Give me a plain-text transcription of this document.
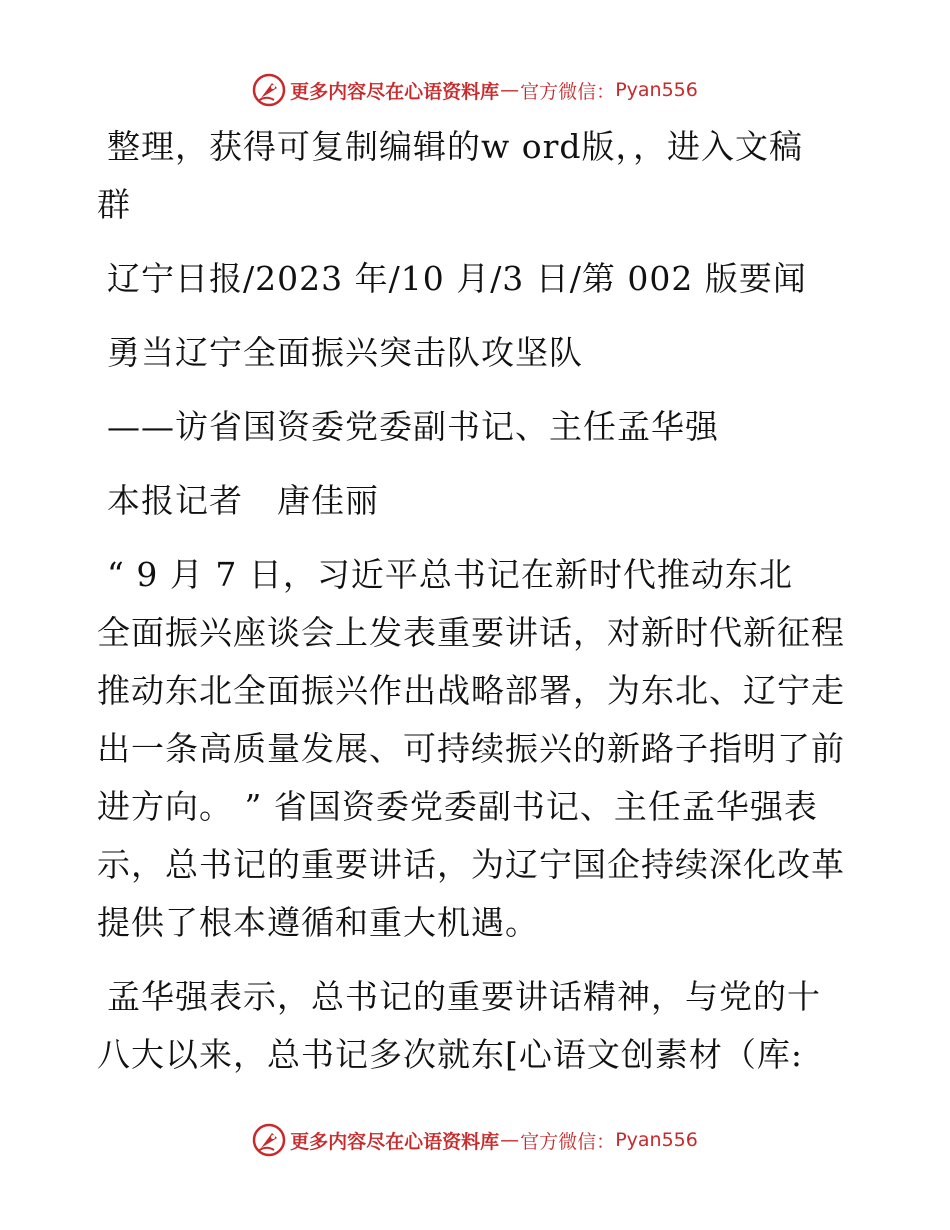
更多内容尽在心语资料库 — 官方微信： Pyan556
整理，获得可复制编辑的w ord版，，进入文稿
群
辽宁日报/2023 年/10 月/3 日/第 002 版要闻
勇当辽宁全面振兴突击队攻坚队
——访省国资委党委副书记、主任孟华强
本报记者　唐佳丽
“ 9 月 7 日，习近平总书记在新时代推动东北
全面振兴座谈会上发表重要讲话，对新时代新征程
推动东北全面振兴作出战略部署，为东北、辽宁走
出一条高质量发展、可持续振兴的新路子指明了前
进方向。 ” 省国资委党委副书记、主任孟华强表
示，总书记的重要讲话，为辽宁国企持续深化改革
提供了根本遵循和重大机遇。
孟华强表示，总书记的重要讲话精神，与党的十
八大以来，总书记多次就东[心语文创素材（库:
更多内容尽在心语资料库 — 官方微信： Pyan556
